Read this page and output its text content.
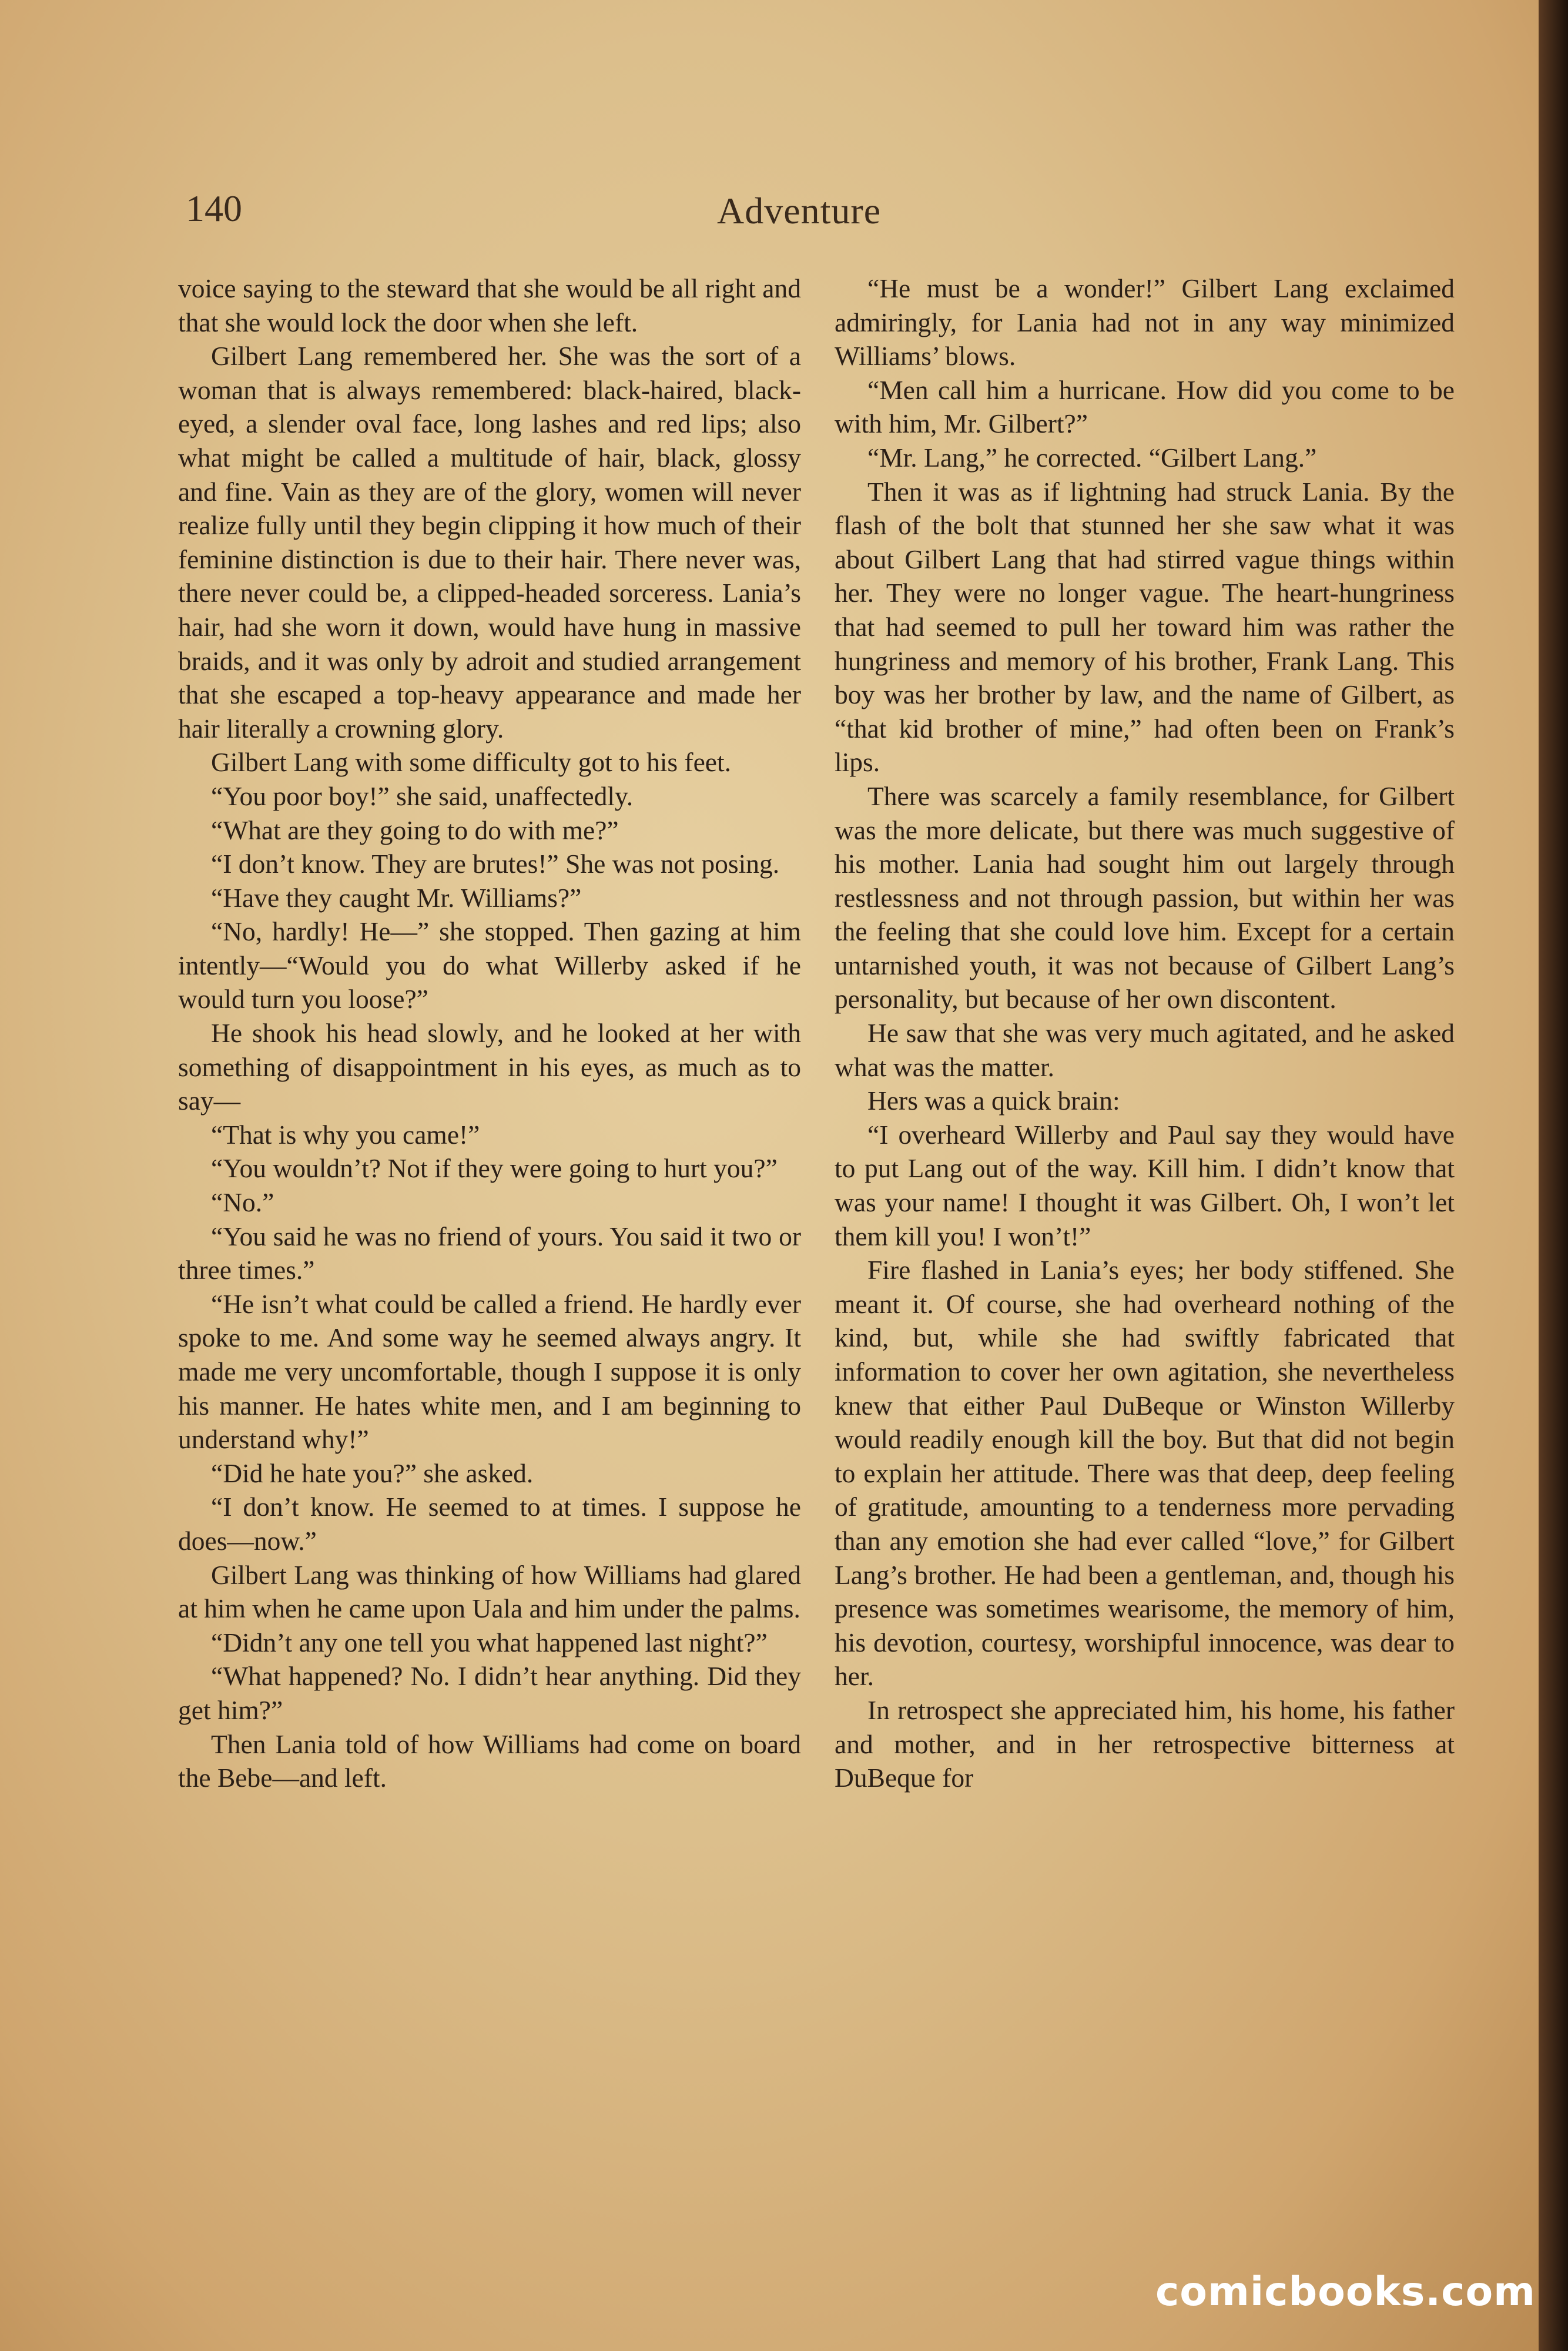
140	Adventure

voice saying to the steward that she would be all right and that she would lock the door when she left.

Gilbert Lang remembered her. She was the sort of a woman that is always remembered: black-haired, black-eyed, a slender oval face, long lashes and red lips; also what might be called a multitude of hair, black, glossy and fine. Vain as they are of the glory, women will never realize fully until they begin clipping it how much of their feminine distinction is due to their hair. There never was, there never could be, a clipped-headed sorceress. Lania’s hair, had she worn it down, would have hung in massive braids, and it was only by adroit and studied arrangement that she escaped a top-heavy appearance and made her hair literally a crowning glory.

Gilbert Lang with some difficulty got to his feet.

“You poor boy!” she said, unaffectedly.

“What are they going to do with me?”

“I don’t know. They are brutes!” She was not posing.

“Have they caught Mr. Williams?”

“No, hardly! He—” she stopped. Then gazing at him intently—“Would you do what Willerby asked if he would turn you loose?”

He shook his head slowly, and he looked at her with something of disappointment in his eyes, as much as to say—

“That is why you came!”

“You wouldn’t? Not if they were going to hurt you?”

“No.”

“You said he was no friend of yours. You said it two or three times.”

“He isn’t what could be called a friend. He hardly ever spoke to me. And some way he seemed always angry. It made me very uncomfortable, though I suppose it is only his manner. He hates white men, and I am beginning to understand why!”

“Did he hate you?” she asked.

“I don’t know. He seemed to at times. I suppose he does—now.”

Gilbert Lang was thinking of how Williams had glared at him when he came upon Uala and him under the palms.

“Didn’t any one tell you what happened last night?”

“What happened? No. I didn’t hear anything. Did they get him?”

Then Lania told of how Williams had come on board the Bebe—and left.

“He must be a wonder!” Gilbert Lang exclaimed admiringly, for Lania had not in any way minimized Williams’ blows.

“Men call him a hurricane. How did you come to be with him, Mr. Gilbert?”

“Mr. Lang,” he corrected. “Gilbert Lang.”

Then it was as if lightning had struck Lania. By the flash of the bolt that stunned her she saw what it was about Gilbert Lang that had stirred vague things within her. They were no longer vague. The heart-hungriness that had seemed to pull her toward him was rather the hungriness and memory of his brother, Frank Lang. This boy was her brother by law, and the name of Gilbert, as “that kid brother of mine,” had often been on Frank’s lips.

There was scarcely a family resemblance, for Gilbert was the more delicate, but there was much suggestive of his mother. Lania had sought him out largely through restlessness and not through passion, but within her was the feeling that she could love him. Except for a certain untarnished youth, it was not because of Gilbert Lang’s personality, but because of her own discontent.

He saw that she was very much agitated, and he asked what was the matter.

Hers was a quick brain:

“I overheard Willerby and Paul say they would have to put Lang out of the way. Kill him. I didn’t know that was your name! I thought it was Gilbert. Oh, I won’t let them kill you! I won’t!”

Fire flashed in Lania’s eyes; her body stiffened. She meant it. Of course, she had overheard nothing of the kind, but, while she had swiftly fabricated that information to cover her own agitation, she nevertheless knew that either Paul DuBeque or Winston Willerby would readily enough kill the boy. But that did not begin to explain her attitude. There was that deep, deep feeling of gratitude, amounting to a tenderness more pervading than any emotion she had ever called “love,” for Gilbert Lang’s brother. He had been a gentleman, and, though his presence was sometimes wearisome, the memory of him, his devotion, courtesy, worshipful innocence, was dear to her.

In retrospect she appreciated him, his home, his father and mother, and in her retrospective bitterness at DuBeque for

comicbooks.com
